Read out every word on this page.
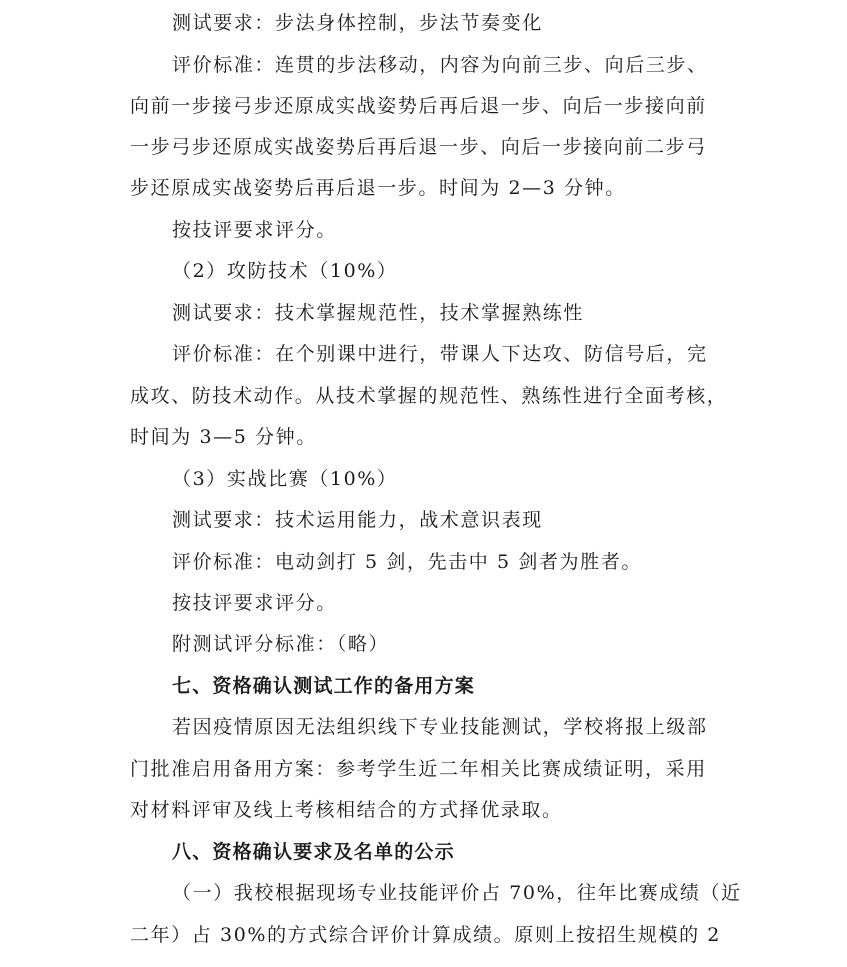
测试要求：步法身体控制，步法节奏变化
评价标准：连贯的步法移动，内容为向前三步、向后三步、
向前一步接弓步还原成实战姿势后再后退一步、向后一步接向前
一步弓步还原成实战姿势后再后退一步、向后一步接向前二步弓
步还原成实战姿势后再后退一步。时间为 2—3 分钟。
按技评要求评分。
（2）攻防技术（10%）
测试要求：技术掌握规范性，技术掌握熟练性
评价标准：在个别课中进行，带课人下达攻、防信号后，完
成攻、防技术动作。从技术掌握的规范性、熟练性进行全面考核，
时间为 3—5 分钟。
（3）实战比赛（10%）
测试要求：技术运用能力，战术意识表现
评价标准：电动剑打 5 剑，先击中 5 剑者为胜者。
按技评要求评分。
附测试评分标准：（略）
七、资格确认测试工作的备用方案
若因疫情原因无法组织线下专业技能测试，学校将报上级部
门批准启用备用方案：参考学生近二年相关比赛成绩证明，采用
对材料评审及线上考核相结合的方式择优录取。
八、资格确认要求及名单的公示
（一）我校根据现场专业技能评价占 70%，往年比赛成绩（近
二年）占 30%的方式综合评价计算成绩。原则上按招生规模的 2
